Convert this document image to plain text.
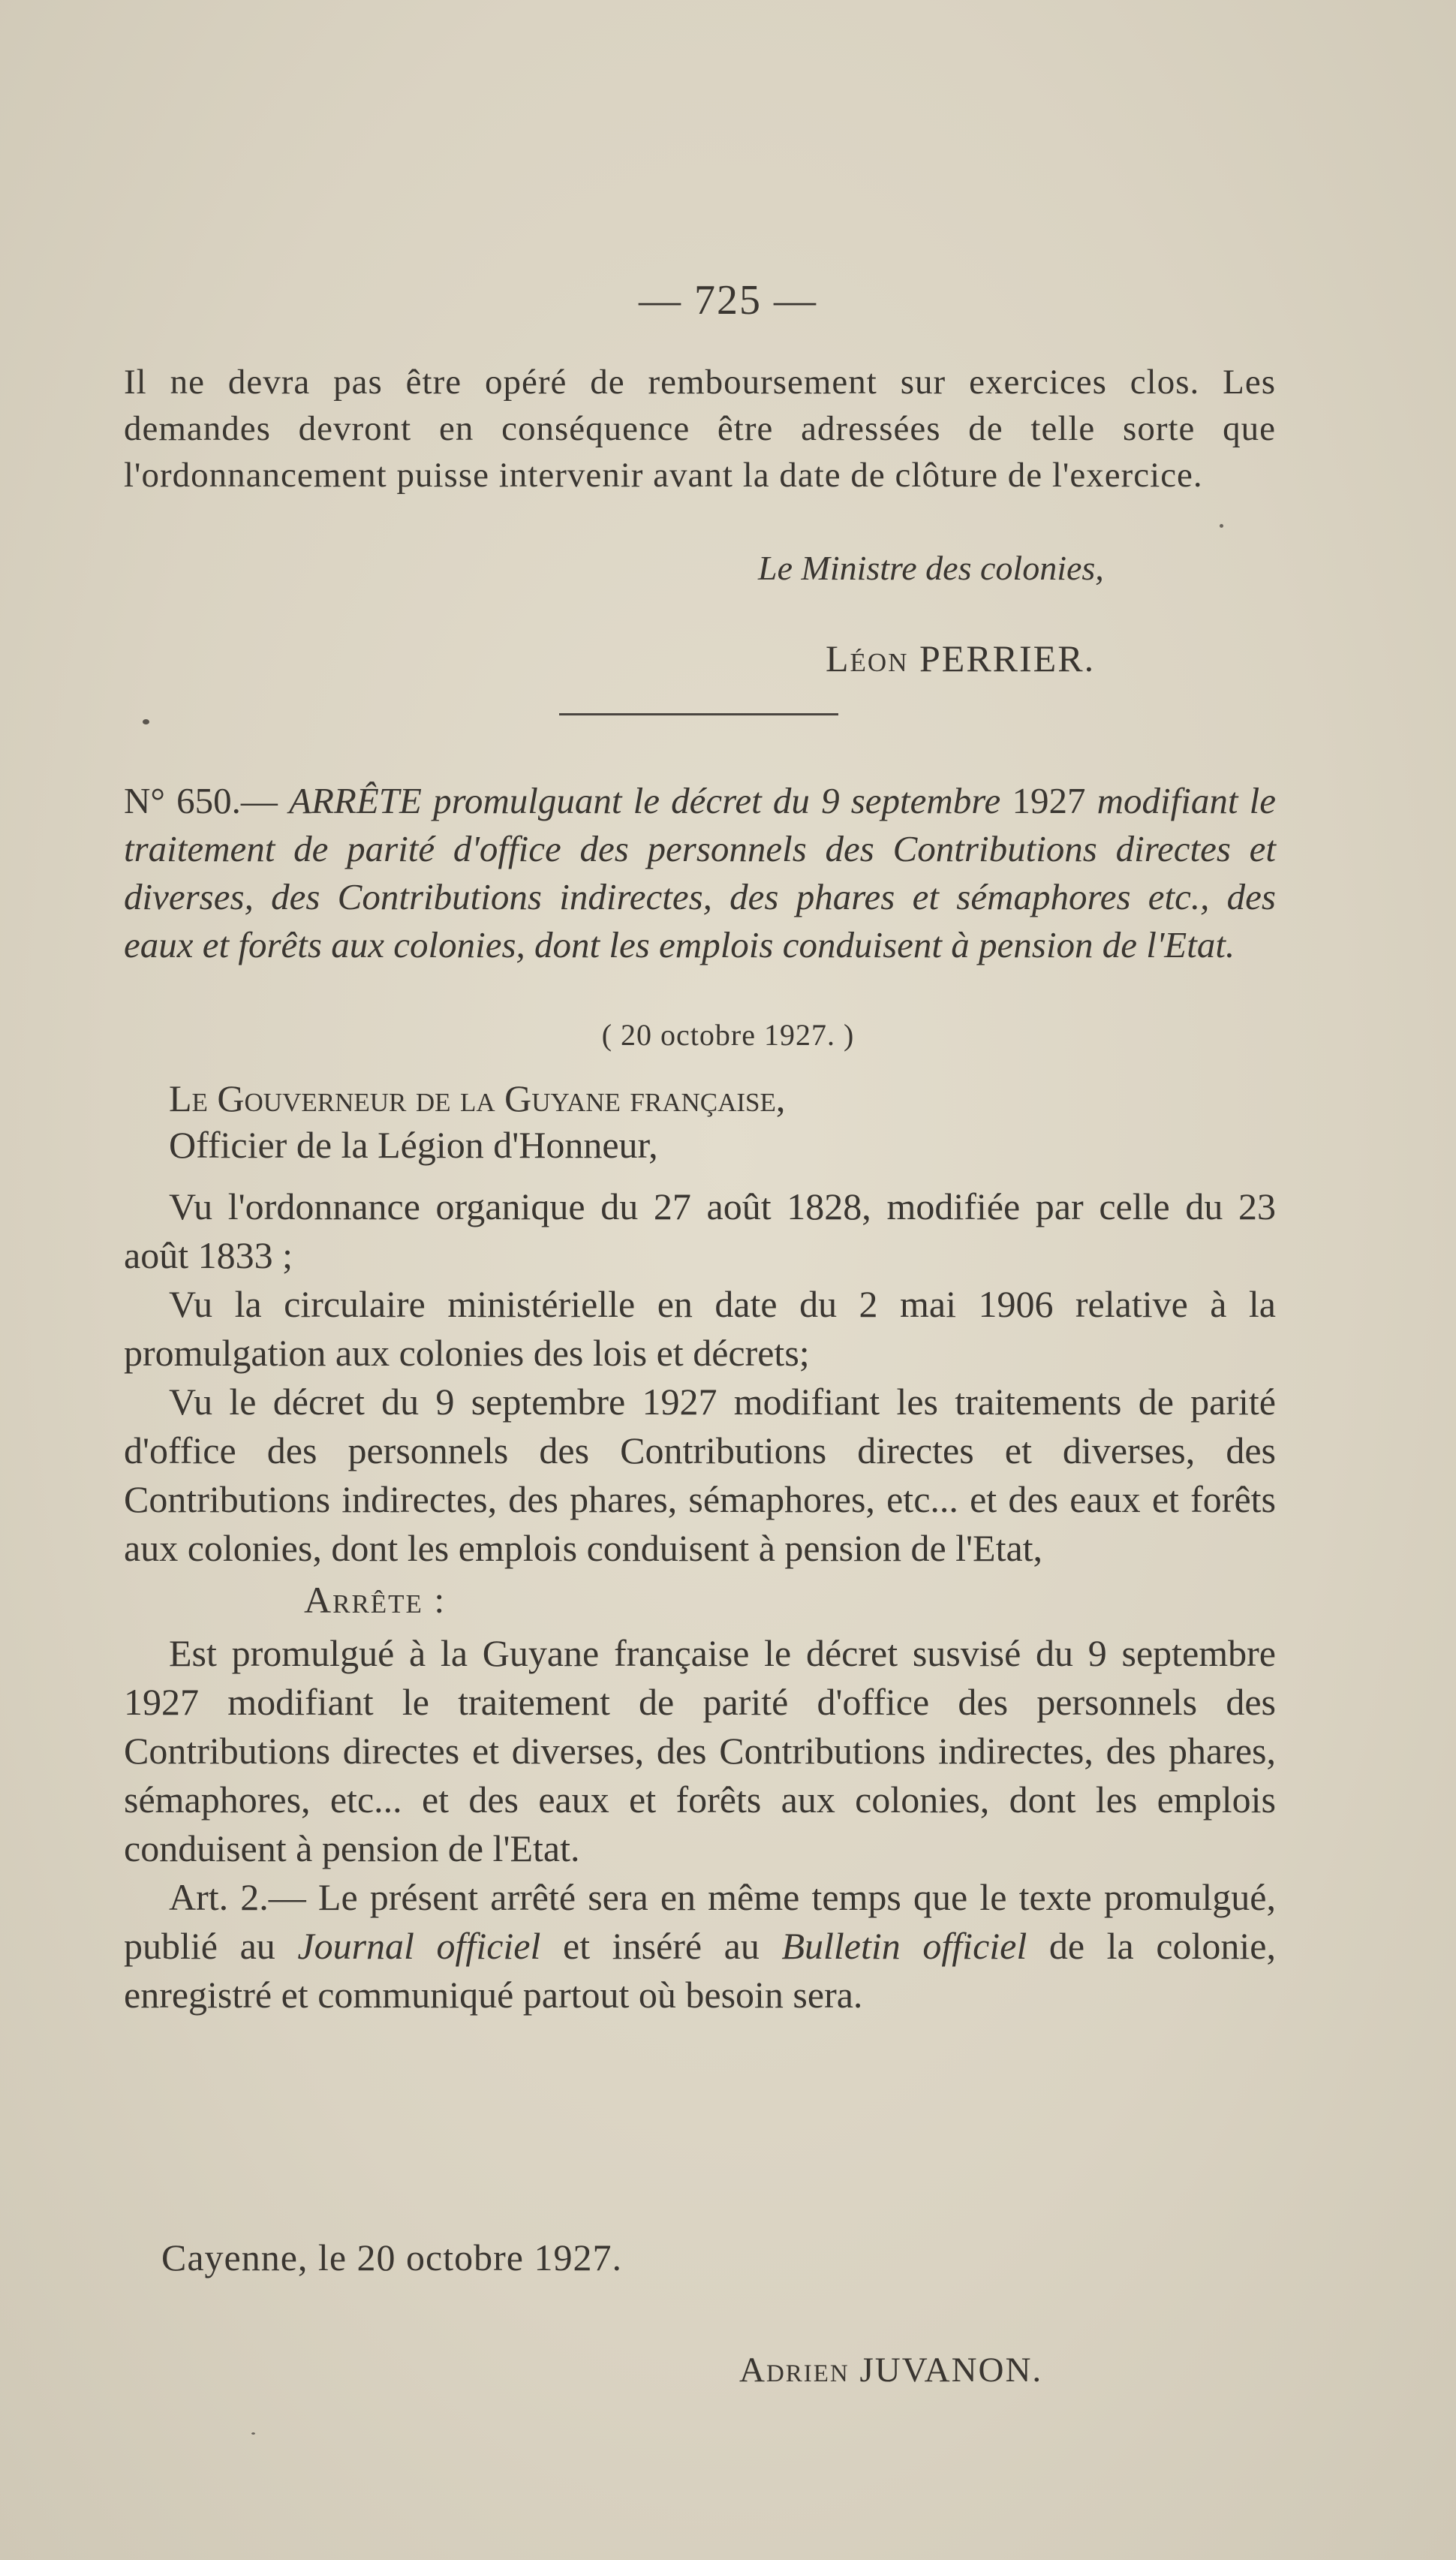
— 725 —

Il ne devra pas être opéré de remboursement sur exercices clos. Les demandes devront en conséquence être adressées de telle sorte que l'ordonnancement puisse intervenir avant la date de clôture de l'exercice.

Le Ministre des colonies,
Léon PERRIER.
N° 650.— ARRÊTE promulguant le décret du 9 septembre 1927 modifiant le traitement de parité d'office des personnels des Contributions directes et diverses, des Contributions indirectes, des phares et sémaphores etc., des eaux et forêts aux colonies, dont les emplois conduisent à pension de l'Etat.
( 20 octobre 1927. )

Le Gouverneur de la Guyane française,

Officier de la Légion d'Honneur,

Vu l'ordonnance organique du 27 août 1828, modifiée par celle du 23 août 1833 ;

Vu la circulaire ministérielle en date du 2 mai 1906 relative à la promulgation aux colonies des lois et décrets;

Vu le décret du 9 septembre 1927 modifiant les traitements de parité d'office des personnels des Contributions directes et diverses, des Contributions indirectes, des phares, sémaphores, etc... et des eaux et forêts aux colonies, dont les emplois conduisent à pension de l'Etat,

Arrête :

Est promulgué à la Guyane française le décret susvisé du 9 septembre 1927 modifiant le traitement de parité d'office des personnels des Contributions directes et diverses, des Contributions indirectes, des phares, sémaphores, etc... et des eaux et forêts aux colonies, dont les emplois conduisent à pension de l'Etat.

Art. 2.— Le présent arrêté sera en même temps que le texte promulgué, publié au Journal officiel et inséré au Bulletin officiel de la colonie, enregistré et communiqué partout où besoin sera.

Cayenne, le 20 octobre 1927.
Adrien JUVANON.
